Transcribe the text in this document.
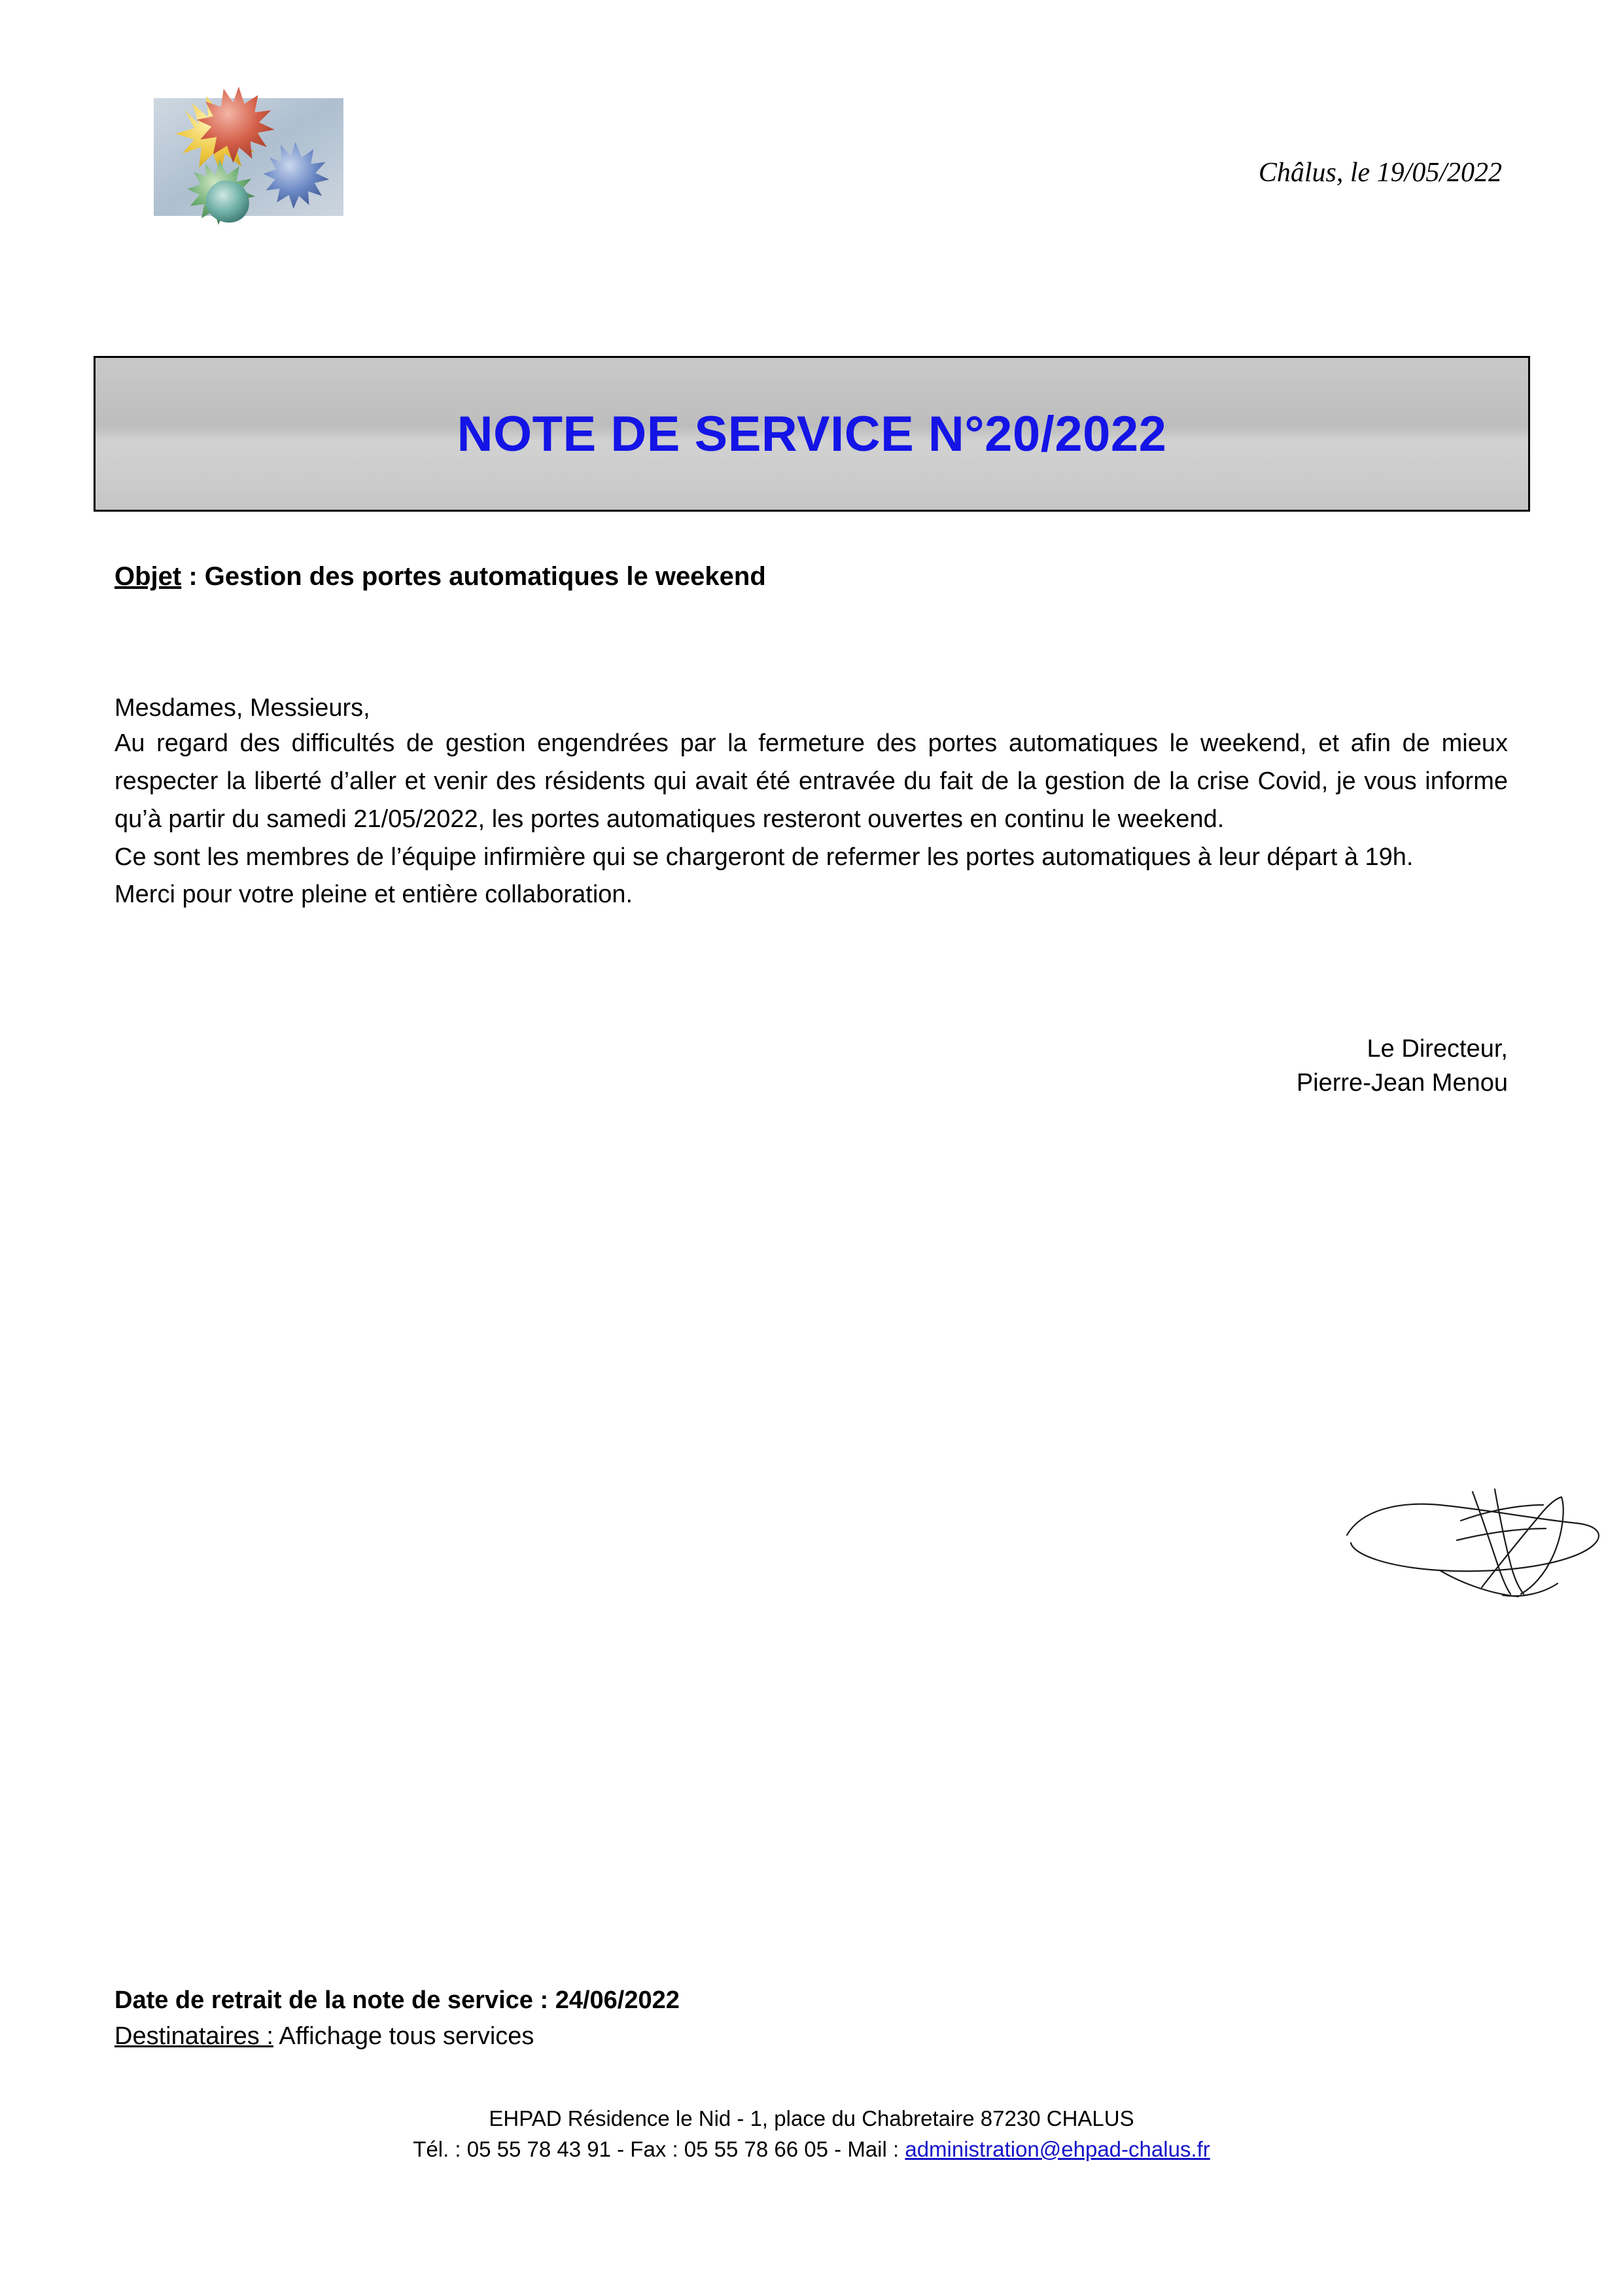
Châlus, le 19/05/2022
NOTE DE SERVICE N°20/2022
Objet : Gestion des portes automatiques le weekend
Mesdames, Messieurs,

Au regard des difficultés de gestion engendrées par la fermeture des portes automatiques le weekend, et afin de mieux respecter la liberté d’aller et venir des résidents qui avait été entravée du fait de la gestion de la crise Covid, je vous informe qu’à partir du samedi 21/05/2022, les portes automatiques resteront ouvertes en continu le weekend.

Ce sont les membres de l’équipe infirmière qui se chargeront de refermer les portes automatiques à leur départ à 19h.

Merci pour votre pleine et entière collaboration.

Le Directeur,
Pierre-Jean Menou
Date de retrait de la note de service : 24/06/2022
Destinataires : Affichage tous services
EHPAD Résidence le Nid - 1, place du Chabretaire 87230 CHALUS
Tél. : 05 55 78 43 91 - Fax : 05 55 78 66 05 - Mail : administration@ehpad-chalus.fr
